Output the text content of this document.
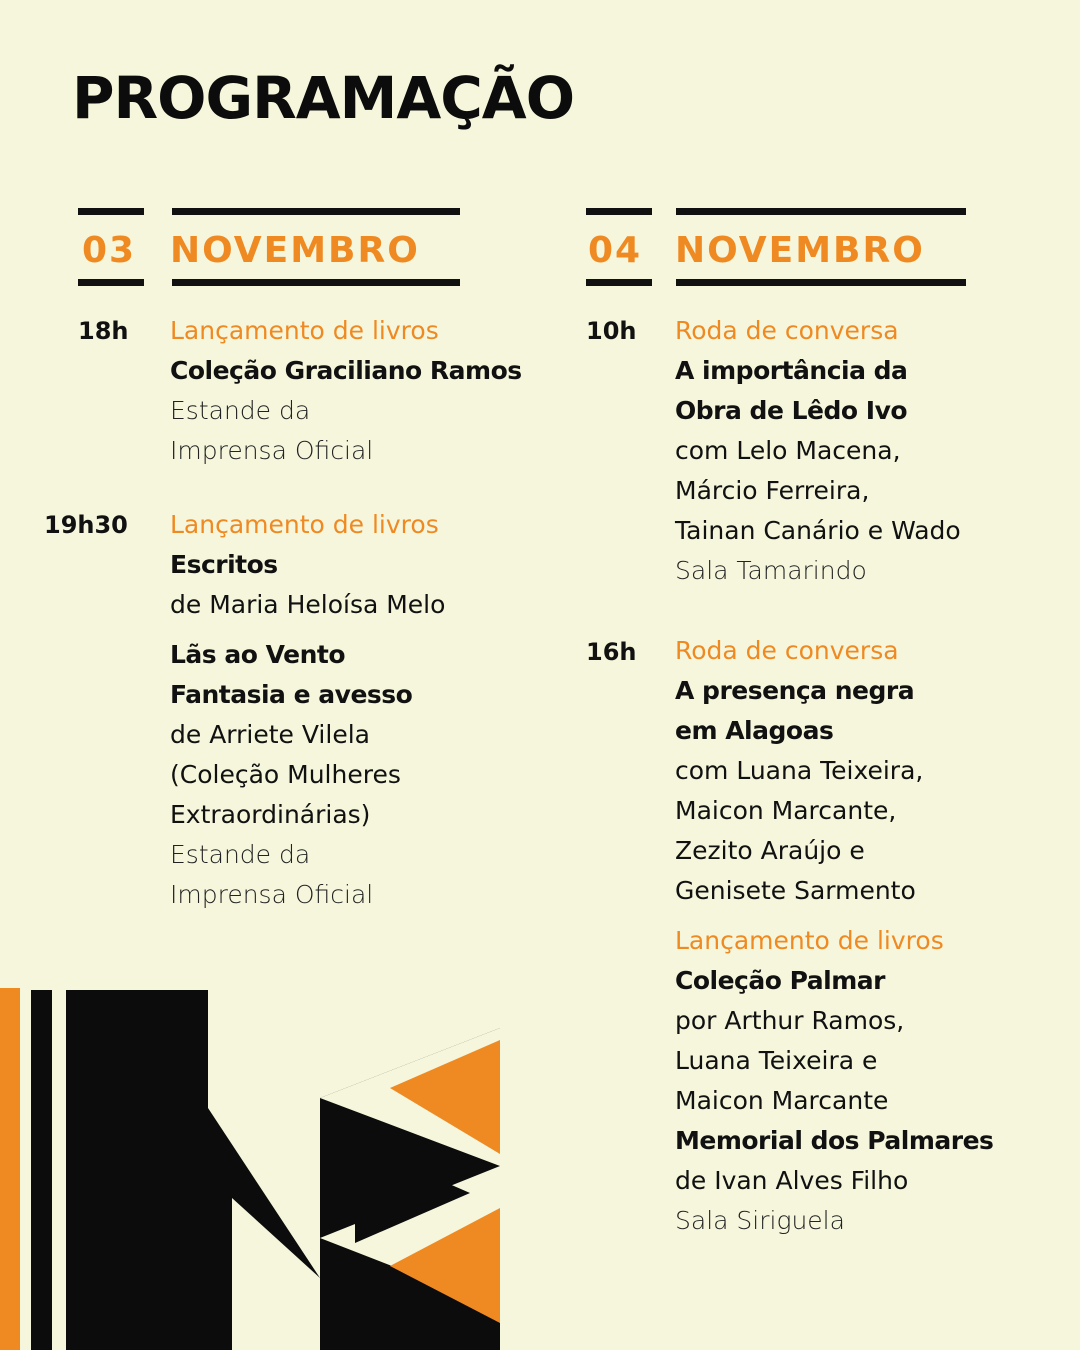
PROGRAMAÇÃO
03 NOVEMBRO	04 NOVEMBRO
18h Lançamento de livros
Coleção Graciliano Ramos
Estande da
Imprensa Oficial
19h30 Lançamento de livros
Escritos
de Maria Heloísa Melo
Lãs ao Vento
Fantasia e avesso
de Arriete Vilela
(Coleção Mulheres
Extraordinárias)
Estande da
Imprensa Oficial
10h Roda de conversa
A importância da
Obra de Lêdo Ivo
com Lelo Macena,
Márcio Ferreira,
Tainan Canário e Wado
Sala Tamarindo
16h Roda de conversa
A presença negra
em Alagoas
com Luana Teixeira,
Maicon Marcante,
Zezito Araújo e
Genisete Sarmento
Lançamento de livros
Coleção Palmar
por Arthur Ramos,
Luana Teixeira e
Maicon Marcante
Memorial dos Palmares
de Ivan Alves Filho
Sala Siriguela
